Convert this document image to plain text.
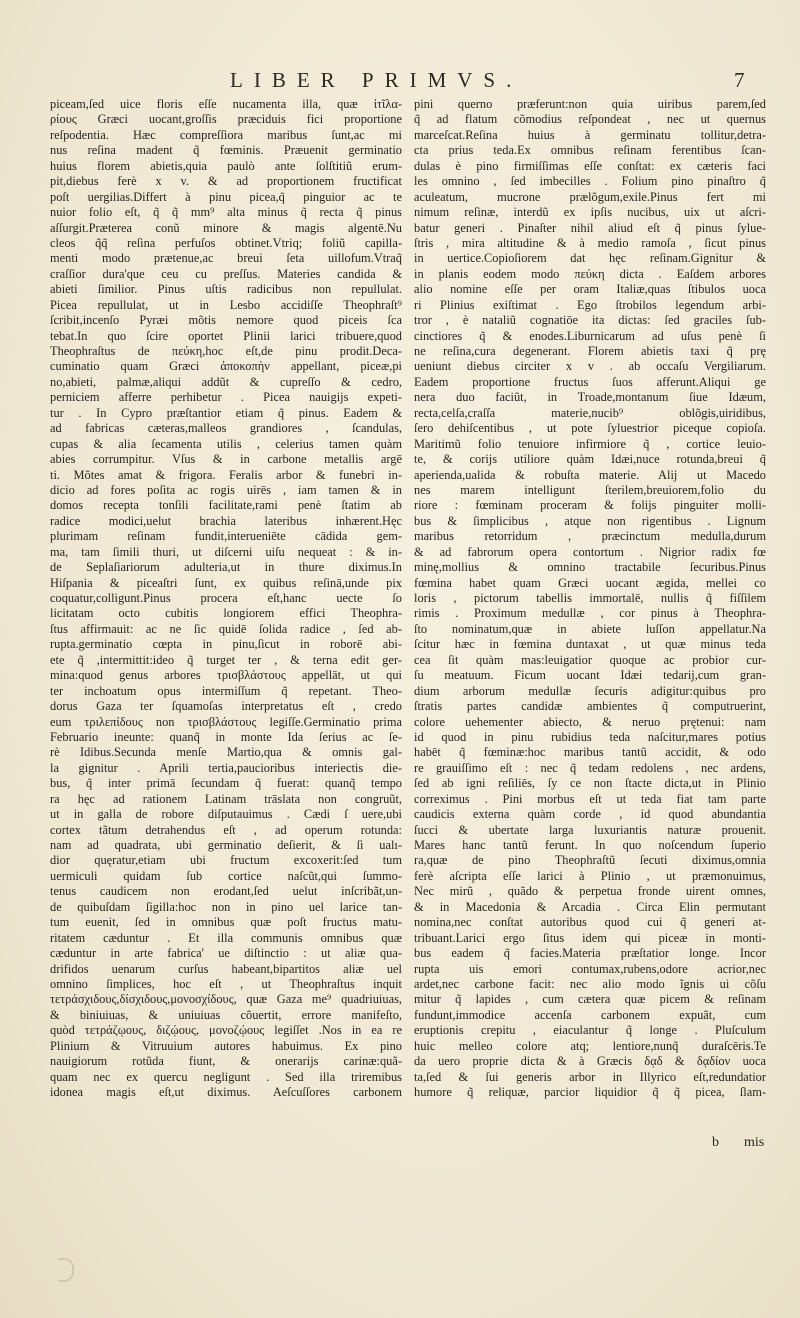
LIBER PRIMVS.	7
piceam,ſed uice floris eſſe nucamenta illa, quæ ἰτῖλα-
ρίους Græci uocant,groſſis præciduis fici proportione
reſpodentia. Hæc compreſſiora maribus ſunt,ac mi
nus reſina madent q̃ fœminis. Præuenit germinatio
huius florem abietis,quia paulò ante ſolſtitiũ erum-
pit,diebus ferè x v. & ad proportionem fructificat
poſt uergilias.Differt à pinu picea,q̃ pinguior ac te
nuior folio eſt, q̃ q̃ mm⁹ alta minus q̃ recta q̃ pinus
aſſurgit.Præterea conũ minore & magis algentē.Nu
cleos q̃q̃ reſina perfuſos obtinet.Vtriq; foliũ capilla-
menti modo prætenue,ac breui ſeta uillofum.Vtraq̃
craſſior dura'que ceu cu preſſus. Materies candida &
abieti ſimilior. Pinus uſtis radicibus non repullulat.
Picea repullulat, ut in Lesbo accidiſſe Theophraſt⁹
ſcribit,incenſo Pyræi mõtis nemore quod piceis ſca
tebat.In quo ſcire oportet Plinii larici tribuere,quod
Theophraſtus de πεύκη,hoc eſt,de pinu prodit.Deca-
cuminatio quam Græci ἀποκοπὴν appellant, piceæ,pi
no,abieti, palmæ,aliqui addũt & cupreſſo & cedro,
perniciem afferre perhibetur . Picea nauigijs expeti-
tur . In Cypro præſtantior etiam q̃ pinus. Eadem &
ad fabricas cæteras,malleos grandiores , ſcandulas,
cupas & alia ſecamenta utilis , celerius tamen quàm
abies corrumpitur. Vſus & in carbone metallis argē
ti. Mõtes amat & frigora. Feralis arbor & funebri in-
dicio ad fores poſita ac rogis uirēs , iam tamen & in
domos recepta tonſili facilitate,rami penè ſtatim ab
radice modici,uelut brachia lateribus inhærent.Hęc
plurimam reſinam fundit,interueniēte cādida gem-
ma, tam ſimili thuri, ut diſcerni uiſu nequeat : & in-
de Seplaſiariorum adulteria,ut in thure diximus.In
Hiſpania & piceaſtri ſunt, ex quibus reſinā,unde pix
coquatur,colligunt.Pinus procera eſt,hanc uecte ſo
licitatam octo cubitis longiorem effici Theophra-
ſtus affirmauit: ac ne ſic quidē ſolida radice , ſed ab-
rupta.germinatio cœpta in pinu,ſicut in roborē abi-
ete q̃ ,intermittit:ideo q̃ turget ter , & terna edit ger-
mina:quod genus arbores τρισβλάστους appellāt, ut qui
ter inchoatum opus intermiſſum q̃ repetant. Theo-
dorus Gaza ter ſquamoſas interpretatus eſt , credo
eum τριλεπίδους non τρισβλάστους legiſſe.Germinatio prima
Februario ineunte: quanq̃ in monte Ida ſerius ac ſe-
rè Idibus.Secunda menſe Martio,qua & omnis gal-
la gignitur . Aprili tertia,paucioribus interiectis die-
bus, q̃ inter primā ſecundam q̃ fuerat: quanq̃ tempo
ra hęc ad rationem Latinam trāslata non congruũt,
ut in galla de robore diſputauimus . Cædi ſ uere,ubi
cortex tãtum detrahendus eſt , ad operum rotunda:
nam ad quadrata, ubi germinatio deſierit, & ſi ualı-
dior quęratur,etiam ubi fructum excoxerit:ſed tum
uermiculi quidam ſub cortice naſcũt,qui ſummo-
tenus caudicem non erodant,ſed uelut inſcribãt,un-
de quibuſdam ſigilla:hoc non in pino uel larice tan-
tum euenit, ſed in omnibus quæ poſt fructus matu-
ritatem cæduntur . Et illa communis omnibus quæ
cæduntur in arte fabrica' ue diſtinctio : ut aliæ qua-
drifidos uenarum curſus habeant,bipartitos aliæ uel
omnino ſimplices, hoc eſt , ut Theophraſtus inquit
τετράσχιδους,δίσχιδους,μονοσχίδους, quæ Gaza me⁹ quadriuiuas,
& biniuiuas, & uniuiuas cõuertit, errore manifeſto,
quòd τετράζῳους, διζῴους, μονοζῴους legiſſet .Nos in ea re
Plinium & Vitruuium autores habuimus. Ex pino
nauigiorum rotũda fiunt, & onerarijs carinæ:quã-
quam nec ex quercu negligunt . Sed illa triremibus
idonea magis eſt,ut diximus. Aeſcuſſores carbonem
pini querno præferunt:non quia uiribus parem,ſed
q̃ ad flatum cõmodius reſpondeat , nec ut quernus
marceſcat.Reſina huius à germinatu tollitur,detra-
cta prius teda.Ex omnibus reſinam ferentibus ſcan-
dulas è pino firmiſſimas eſſe conſtat: ex cæteris faci
les omnino , ſed imbecilles . Folium pino pinaſtro q̃
aculeatum, mucrone prælõgum,exile.Pinus fert mi
nimum reſinæ, interdũ ex ipſis nucibus, uix ut aſcri-
batur generi . Pinaſter nihil aliud eſt q̃ pinus ſylue-
ſtris , mira altitudine & à medio ramoſa , ſicut pinus
in uertice.Copioſiorem dat hęc reſinam.Gignitur &
in planis eodem modo πεύκη dicta . Eaſdem arbores
alio nomine eſſe per oram Italiæ,quas ſtibulos uoca
ri Plinius exiſtimat . Ego ſtrobilos legendum arbi-
tror , è nataliũ cognatiōe ita dictas: ſed graciles ſub-
cinctiores q̃ & enodes.Liburnicarum ad uſus penè ſi
ne reſina,cura degenerant. Florem abietis taxi q̃ prę
ueniunt diebus circiter x v . ab occaſu Vergiliarum.
Eadem proportione fructus ſuos afferunt.Aliqui ge
nera duo faciũt, in Troade,montanum ſiue Idæum,
recta,celſa,craſſa materie,nucib⁹ oblõgis,uiridibus,
ſero dehiſcentibus , ut pote ſyluestrior piceque copioſa.
Maritimũ folio tenuiore infirmiore q̃ , cortice leuio-
te, & corijs utiliore quàm Idæi,nuce rotunda,breui q̃
aperienda,ualida & robuſta materie. Alij ut Macedo
nes marem intelligunt ſterilem,breuiorem,folio du
riore : fœminam proceram & folijs pinguiter molli-
bus & ſimplicibus , atque non rigentibus . Lignum
maribus retorridum , præcinctum medulla,durum
& ad fabrorum opera contortum . Nigrior radix fœ
minę,mollius & omnino tractabile ſecuribus.Pinus
fœmina habet quam Græci uocant ægida, mellei co
loris , pictorum tabellis immortalē, nullis q̃ fiſſilem
rimis . Proximum medullæ , cor pinus à Theophra-
ſto nominatum,quæ in abiete luſſon appellatur.Na
ſcitur hæc in fœmina duntaxat , ut quæ minus teda
cea ſit quàm mas:leuigatior quoque ac probior cur-
ſu meatuum. Ficum uocant Idæi tedarij,cum gran-
dium arborum medullæ ſecuris adigitur:quibus pro
ſtratis partes candidæ ambientes q̃ computruerint,
colore uehementer abiecto, & neruo prętenui: nam
id quod in pinu rubidius teda naſcitur,mares potius
habēt q̃ fœminæ:hoc maribus tantũ accidit, & odo
re grauiſſimo eſt : nec q̃ tedam redolens , nec ardens,
ſed ab igni reſiliēs, ſy ce non ſtacte dicta,ut in Plinio
correximus . Pini morbus eſt ut teda fiat tam parte
caudicis externa quàm corde , id quod abundantia
ſucci & ubertate larga luxuriantis naturæ prouenit.
Mares hanc tantũ ferunt. In quo noſcendum ſuperio
ra,quæ de pino Theophraſtũ ſecuti diximus,omnia
ferè aſcripta eſſe larici à Plinio , ut præmonuimus,
Nec mirũ , quãdo & perpetua fronde uirent omnes,
& in Macedonia & Arcadia . Circa Elin permutant
nomina,nec conſtat autoribus quod cui q̃ generi at-
tribuant.Larici ergo ſitus idem qui piceæ in monti-
bus eadem q̃ facies.Materia præſtatior longe. Incor
rupta uis emori contumax,rubens,odore acrior,nec
ardet,nec carbone facit: nec alio modo ĩgnis ui cõſu
mitur q̃ lapides , cum cætera quæ picem & reſinam
fundunt,immodice accenſa carbonem expuãt, cum
eruptionis crepitu , eiaculantur q̃ longe . Pluſculum
huic melleo colore atq; lentiore,nunq̃ duraſcēris.Te
da uero proprie dicta & à Græcis δᾳδ & δᾳδίον uoca
ta,ſed & ſui generis arbor in Illyrico eſt,redundatior
humore q̃ reliquæ, parcior liquidior q̃ q̃ picea, ſlam-
b mis
